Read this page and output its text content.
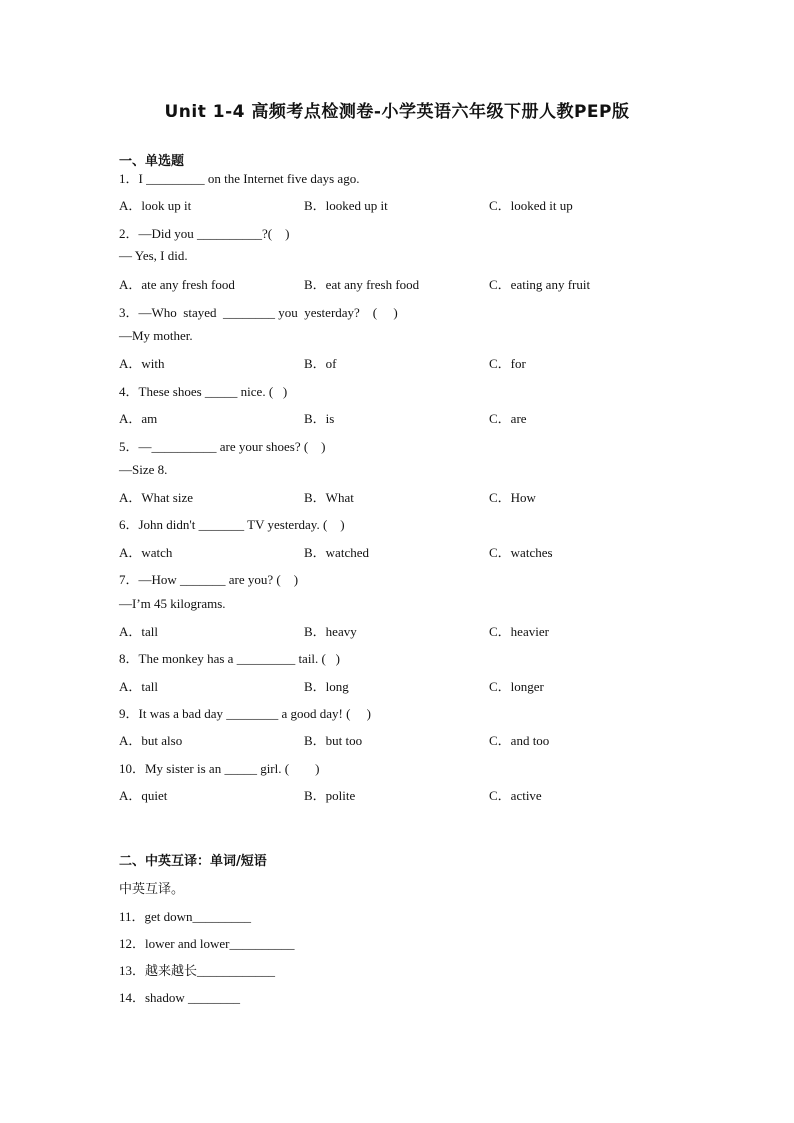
Unit 1-4 高频考点检测卷-小学英语六年级下册人教PEP版
一、单选题
1．I _________ on the Internet five days ago.
A．look up it	B．looked up it	C．looked it up
2．—Did you __________?(    )
— Yes, I did.
A．ate any fresh food	B．eat any fresh food	C．eating any fruit
3．—Who  stayed  ________ you  yesterday?    (     )
—My mother.
A．with	B．of	C．for
4．These shoes _____ nice. (   )
A．am	B．is	C．are
5．—__________ are your shoes? (    )
—Size 8.
A．What size	B．What	C．How
6．John didn't _______ TV yesterday. (    )
A．watch	B．watched	C．watches
7．—How _______ are you? (    )
—I’m 45 kilograms.
A．tall	B．heavy	C．heavier
8．The monkey has a _________ tail. (   )
A．tall	B．long	C．longer
9．It was a bad day ________ a good day! (     )
A．but also	B．but too	C．and too
10．My sister is an _____ girl. (        )
A．quiet	B．polite	C．active
二、中英互译：单词/短语
中英互译。
11．get down_________
12．lower and lower__________
13．越来越长____________
14．shadow ________
